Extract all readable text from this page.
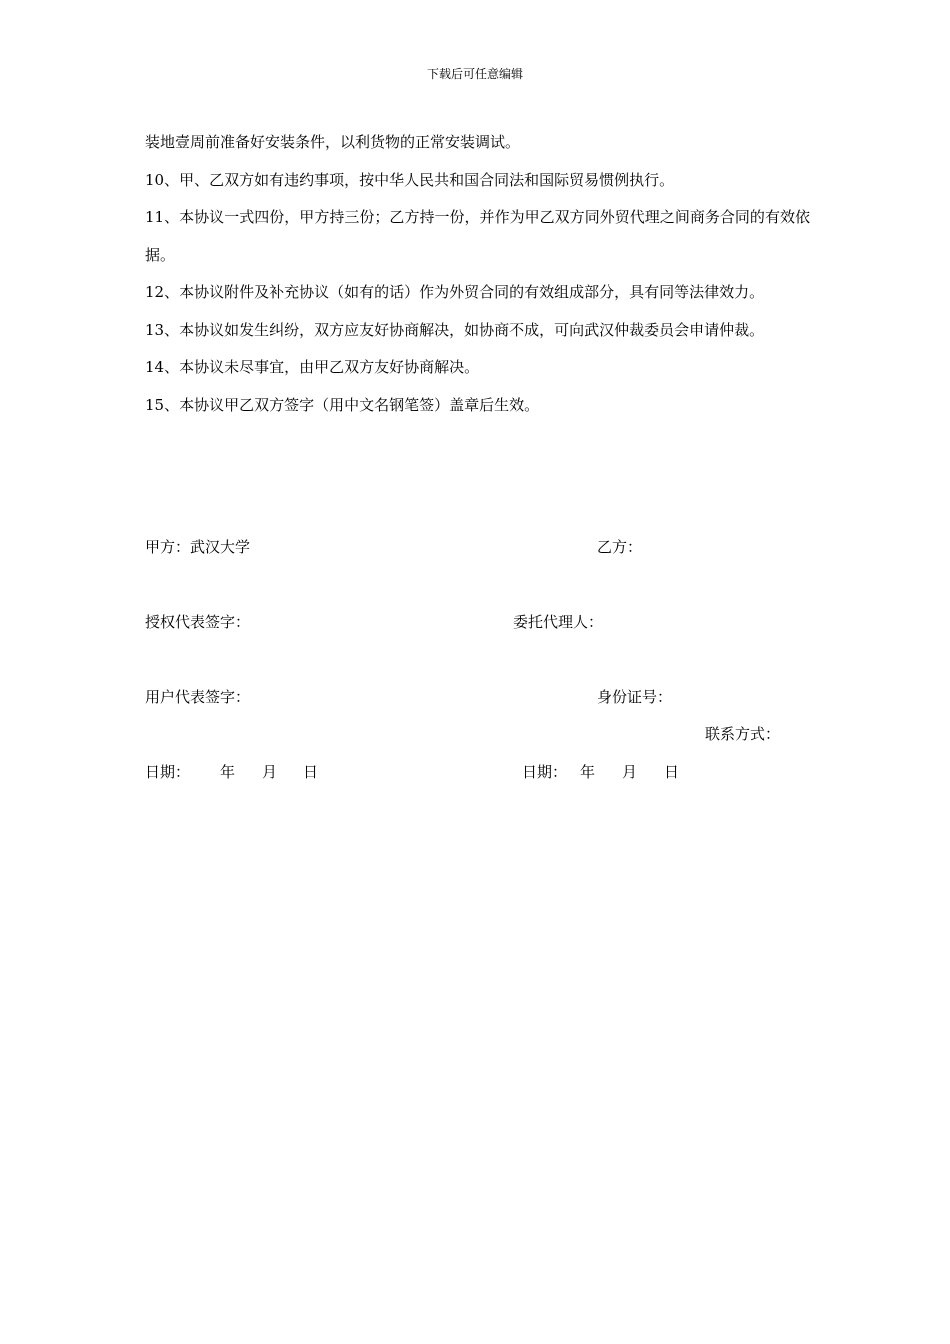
下载后可任意编辑

装地壹周前准备好安装条件，以利货物的正常安装调试。

10、甲、乙双方如有违约事项，按中华人民共和国合同法和国际贸易惯例执行。

11、本协议一式四份，甲方持三份；乙方持一份，并作为甲乙双方同外贸代理之间商务合同的有效依据。

12、本协议附件及补充协议（如有的话）作为外贸合同的有效组成部分，具有同等法律效力。

13、本协议如发生纠纷，双方应友好协商解决，如协商不成，可向武汉仲裁委员会申请仲裁。

14、本协议未尽事宜，由甲乙双方友好协商解决。

15、本协议甲乙双方签字（用中文名钢笔签）盖章后生效。

甲方：武汉大学	乙方：
授权代表签字：	委托代理人：
用户代表签字：	身份证号：
联系方式：
日期： 年 月 日	日期： 年 月 日
